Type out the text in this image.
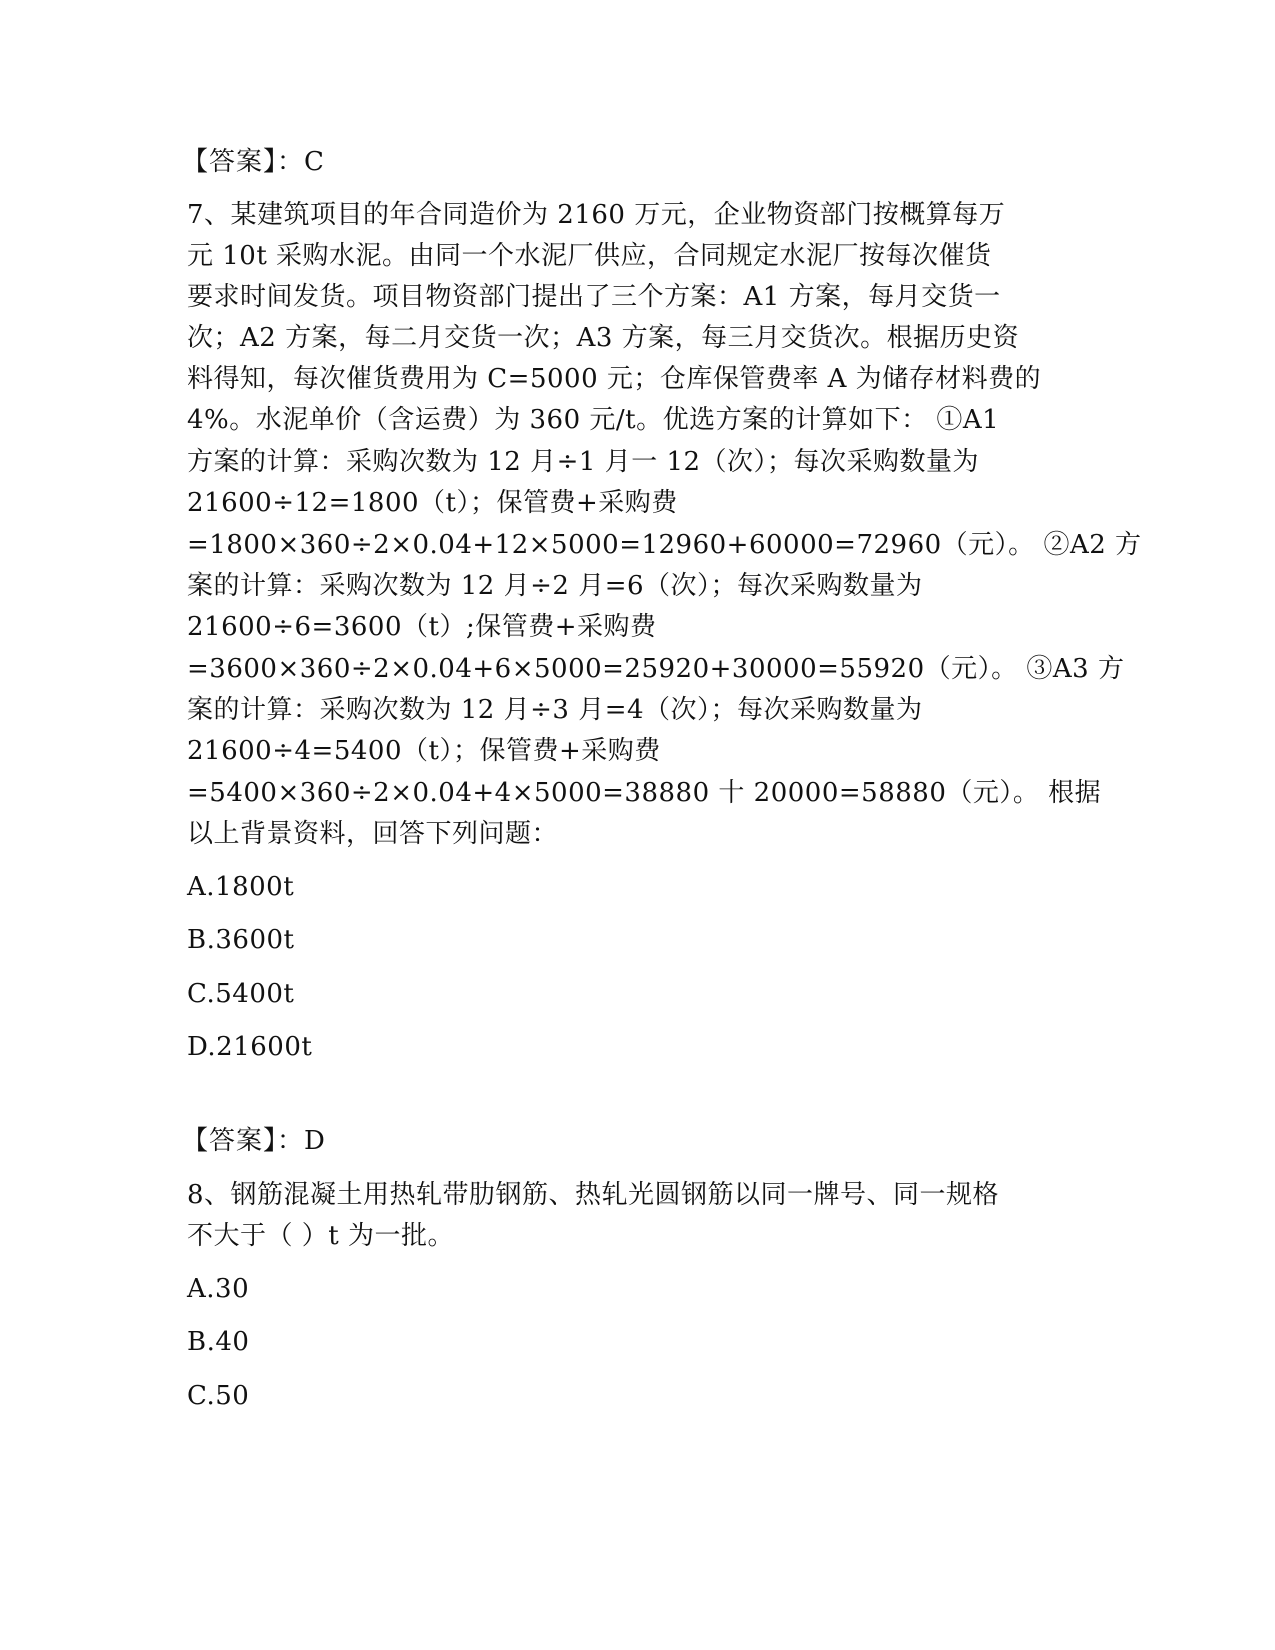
【答案】：C
7、某建筑项目的年合同造价为 2160 万元，企业物资部门按概算每万
元 10t 采购水泥。由同一个水泥厂供应，合同规定水泥厂按每次催货
要求时间发货。项目物资部门提出了三个方案：A1 方案，每月交货一
次；A2 方案，每二月交货一次；A3 方案，每三月交货次。根据历史资
料得知，每次催货费用为 C=5000 元；仓库保管费率 A 为储存材料费的
4%。水泥单价（含运费）为 360 元/t。优选方案的计算如下： ①A1
方案的计算：采购次数为 12 月÷1 月一 12（次）；每次采购数量为
21600÷12=1800（t）；保管费+采购费
=1800×360÷2×0.04+12×5000=12960+60000=72960（元）。 ②A2 方
案的计算：采购次数为 12 月÷2 月=6（次）；每次采购数量为
21600÷6=3600（t）;保管费+采购费
=3600×360÷2×0.04+6×5000=25920+30000=55920（元）。 ③A3 方
案的计算：采购次数为 12 月÷3 月=4（次）；每次采购数量为
21600÷4=5400（t）；保管费+采购费
=5400×360÷2×0.04+4×5000=38880 十 20000=58880（元）。 根据
以上背景资料，回答下列问题：
A.1800t
B.3600t
C.5400t
D.21600t
【答案】：D
8、钢筋混凝土用热轧带肋钢筋、热轧光圆钢筋以同一牌号、同一规格
不大于（ ）t 为一批。
A.30
B.40
C.50
